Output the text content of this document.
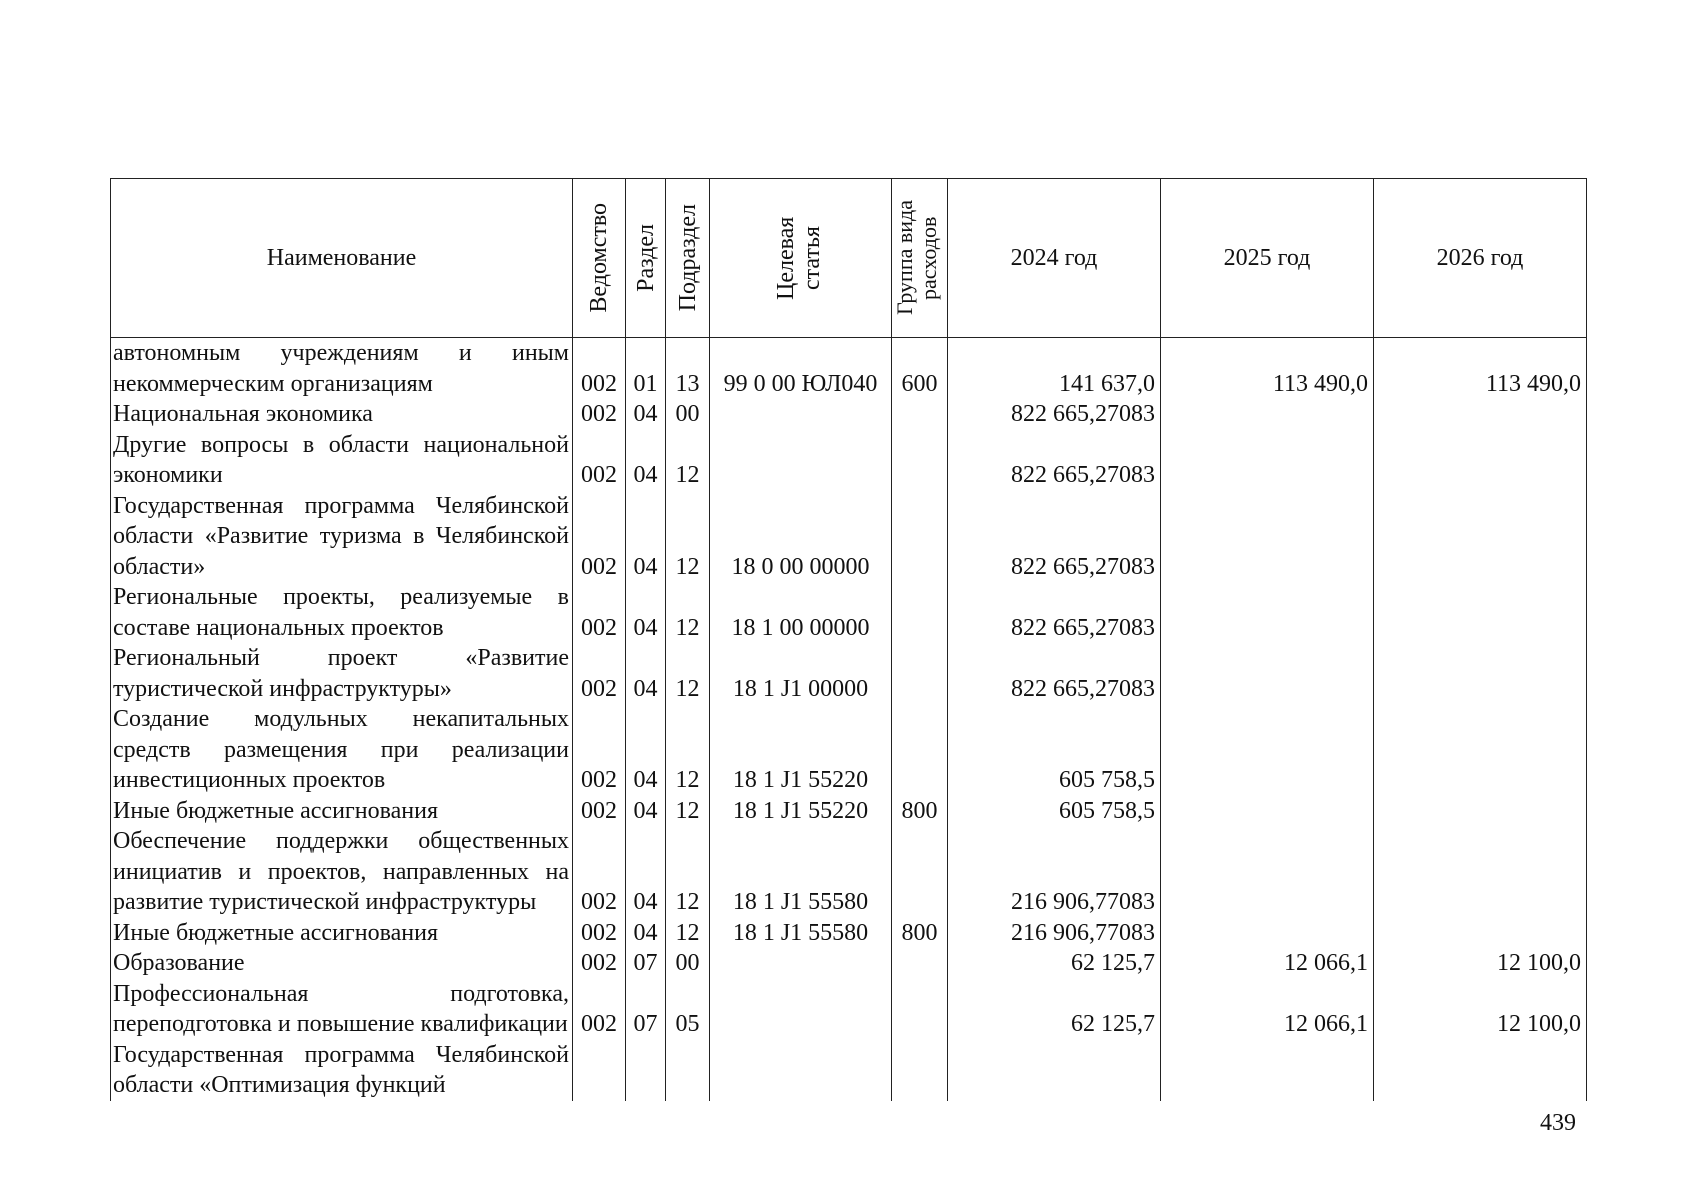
Наименование	Ведомство	Раздел	Подраздел	Целевая статья	Группа вида расходов	2024 год	2025 год	2026 год

автономным учреждениям и иным некоммерческим организациям	002	01	13	99 0 00 ЮЛ040	600	141 637,0	113 490,0	113 490,0
Национальная экономика	002	04	00			822 665,27083		
Другие вопросы в области национальной экономики	002	04	12			822 665,27083		
Государственная программа Челябинской области «Развитие туризма в Челябинской области»	002	04	12	18 0 00 00000		822 665,27083		
Региональные проекты, реализуемые в составе национальных проектов	002	04	12	18 1 00 00000		822 665,27083		
Региональный проект «Развитие туристической инфраструктуры»	002	04	12	18 1 J1 00000		822 665,27083		
Создание модульных некапитальных средств размещения при реализации инвестиционных проектов	002	04	12	18 1 J1 55220		605 758,5		
Иные бюджетные ассигнования	002	04	12	18 1 J1 55220	800	605 758,5		
Обеспечение поддержки общественных инициатив и проектов, направленных на развитие туристической инфраструктуры	002	04	12	18 1 J1 55580		216 906,77083		
Иные бюджетные ассигнования	002	04	12	18 1 J1 55580	800	216 906,77083		
Образование	002	07	00			62 125,7	12 066,1	12 100,0
Профессиональная подготовка, переподготовка и повышение квалификации	002	07	05			62 125,7	12 066,1	12 100,0
Государственная программа Челябинской области «Оптимизация функций								
439
